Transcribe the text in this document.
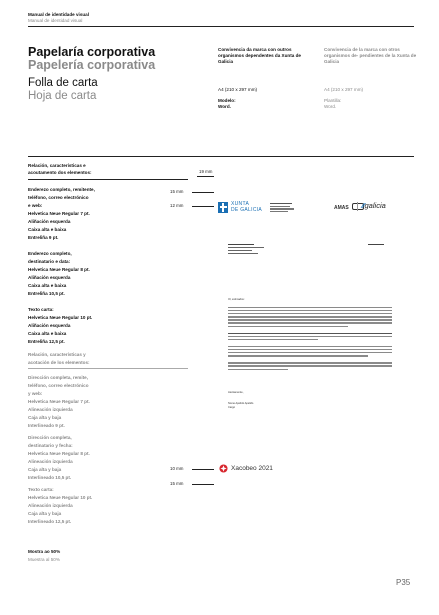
Manual de identidade visual
Manual de identidad visual
Papelaría corporativa
Papelería corporativa
Folla de carta
Hoja de carta
Convivencia da marca con outros organismos dependentes da Xunta de Galicia
A4 (210 x 297 mm)
Modelo:
Word.
Convivencia de la marca con otros organismos de- pendientes de la Xunta de Galicia
A4 (210 x 297 mm)
Plantilla:
Word.
Relación, características e
acoutamento dos elementos:
Enderezo completo, remitente,
teléfono, correo electrónico
e web:
Helvetica Neue Regular 7 pt.
Aliñación esquerda
Caixa alta e baixa
Entreliña 9 pt.
Enderezo completo,
destinatario e data:
Helvetica Neue Regular 8 pt.
Aliñación esquerda
Caixa alta e baixa
Entreliña 10,5 pt.
Texto carta:
Helvetica Neue Regular 10 pt.
Aliñación esquerda
Caixa alta e baixa
Entreliña 12,5 pt.
Relación, características y
acotación de los elementos:
Dirección completa, remite,
teléfono, correo electrónico
y web:
Helvetica Neue Regular 7 pt.
Alineación izquierda
Caja alta y baja
Interlineado 9 pt.
Dirección completa,
destinatario y fecha:
Helvetica Neue Regular 8 pt.
Alineación izquierda
Caja alta y baja
Interlineado 10,5 pt.
Texto carta:
Helvetica Neue Regular 10 pt.
Alineación izquierda
Caja alta y baja
Interlineado 12,5 pt.
Mostra ao 50%
Muestra al 50%
19 mm
15 mm
12 mm
10 mm
15 mm
XUNTA
DE GALICIA	AMAS	⁄⁄galicia
Ol, estimados:
Atentamente,
Nome Apelido Apelido
Cargo
Xacobeo 2021
P35
